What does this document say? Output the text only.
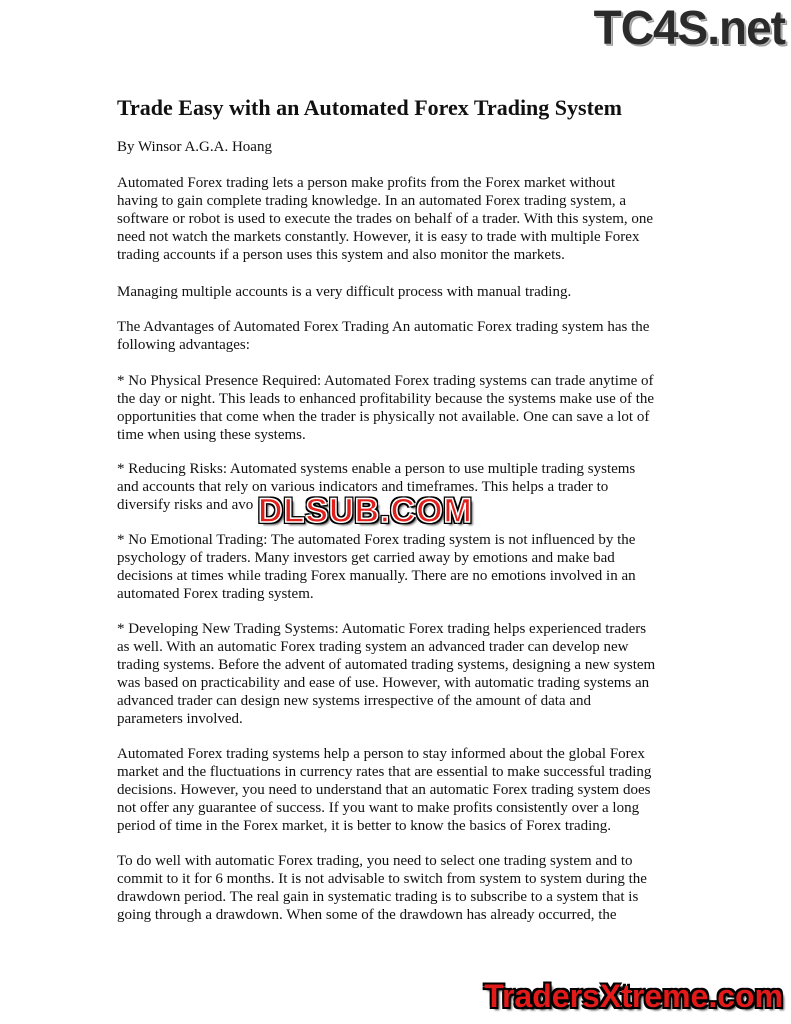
TC4S.net
Trade Easy with an Automated Forex Trading System

By Winsor A.G.A. Hoang

Automated Forex trading lets a person make profits from the Forex market without
having to gain complete trading knowledge. In an automated Forex trading system, a
software or robot is used to execute the trades on behalf of a trader. With this system, one
need not watch the markets constantly. However, it is easy to trade with multiple Forex
trading accounts if a person uses this system and also monitor the markets.

Managing multiple accounts is a very difficult process with manual trading.

The Advantages of Automated Forex Trading An automatic Forex trading system has the
following advantages:

* No Physical Presence Required: Automated Forex trading systems can trade anytime of
the day or night. This leads to enhanced profitability because the systems make use of the
opportunities that come when the trader is physically not available. One can save a lot of
time when using these systems.

* Reducing Risks: Automated systems enable a person to use multiple trading systems
and accounts that rely on various indicators and timeframes. This helps a trader to
diversify risks and avo

* No Emotional Trading: The automated Forex trading system is not influenced by the
psychology of traders. Many investors get carried away by emotions and make bad
decisions at times while trading Forex manually. There are no emotions involved in an
automated Forex trading system.

* Developing New Trading Systems: Automatic Forex trading helps experienced traders
as well. With an automatic Forex trading system an advanced trader can develop new
trading systems. Before the advent of automated trading systems, designing a new system
was based on practicability and ease of use. However, with automatic trading systems an
advanced trader can design new systems irrespective of the amount of data and
parameters involved.

Automated Forex trading systems help a person to stay informed about the global Forex
market and the fluctuations in currency rates that are essential to make successful trading
decisions. However, you need to understand that an automatic Forex trading system does
not offer any guarantee of success. If you want to make profits consistently over a long
period of time in the Forex market, it is better to know the basics of Forex trading.

To do well with automatic Forex trading, you need to select one trading system and to
commit to it for 6 months. It is not advisable to switch from system to system during the
drawdown period. The real gain in systematic trading is to subscribe to a system that is
going through a drawdown. When some of the drawdown has already occurred, the

DLSUB.COM
TradersXtreme.com
